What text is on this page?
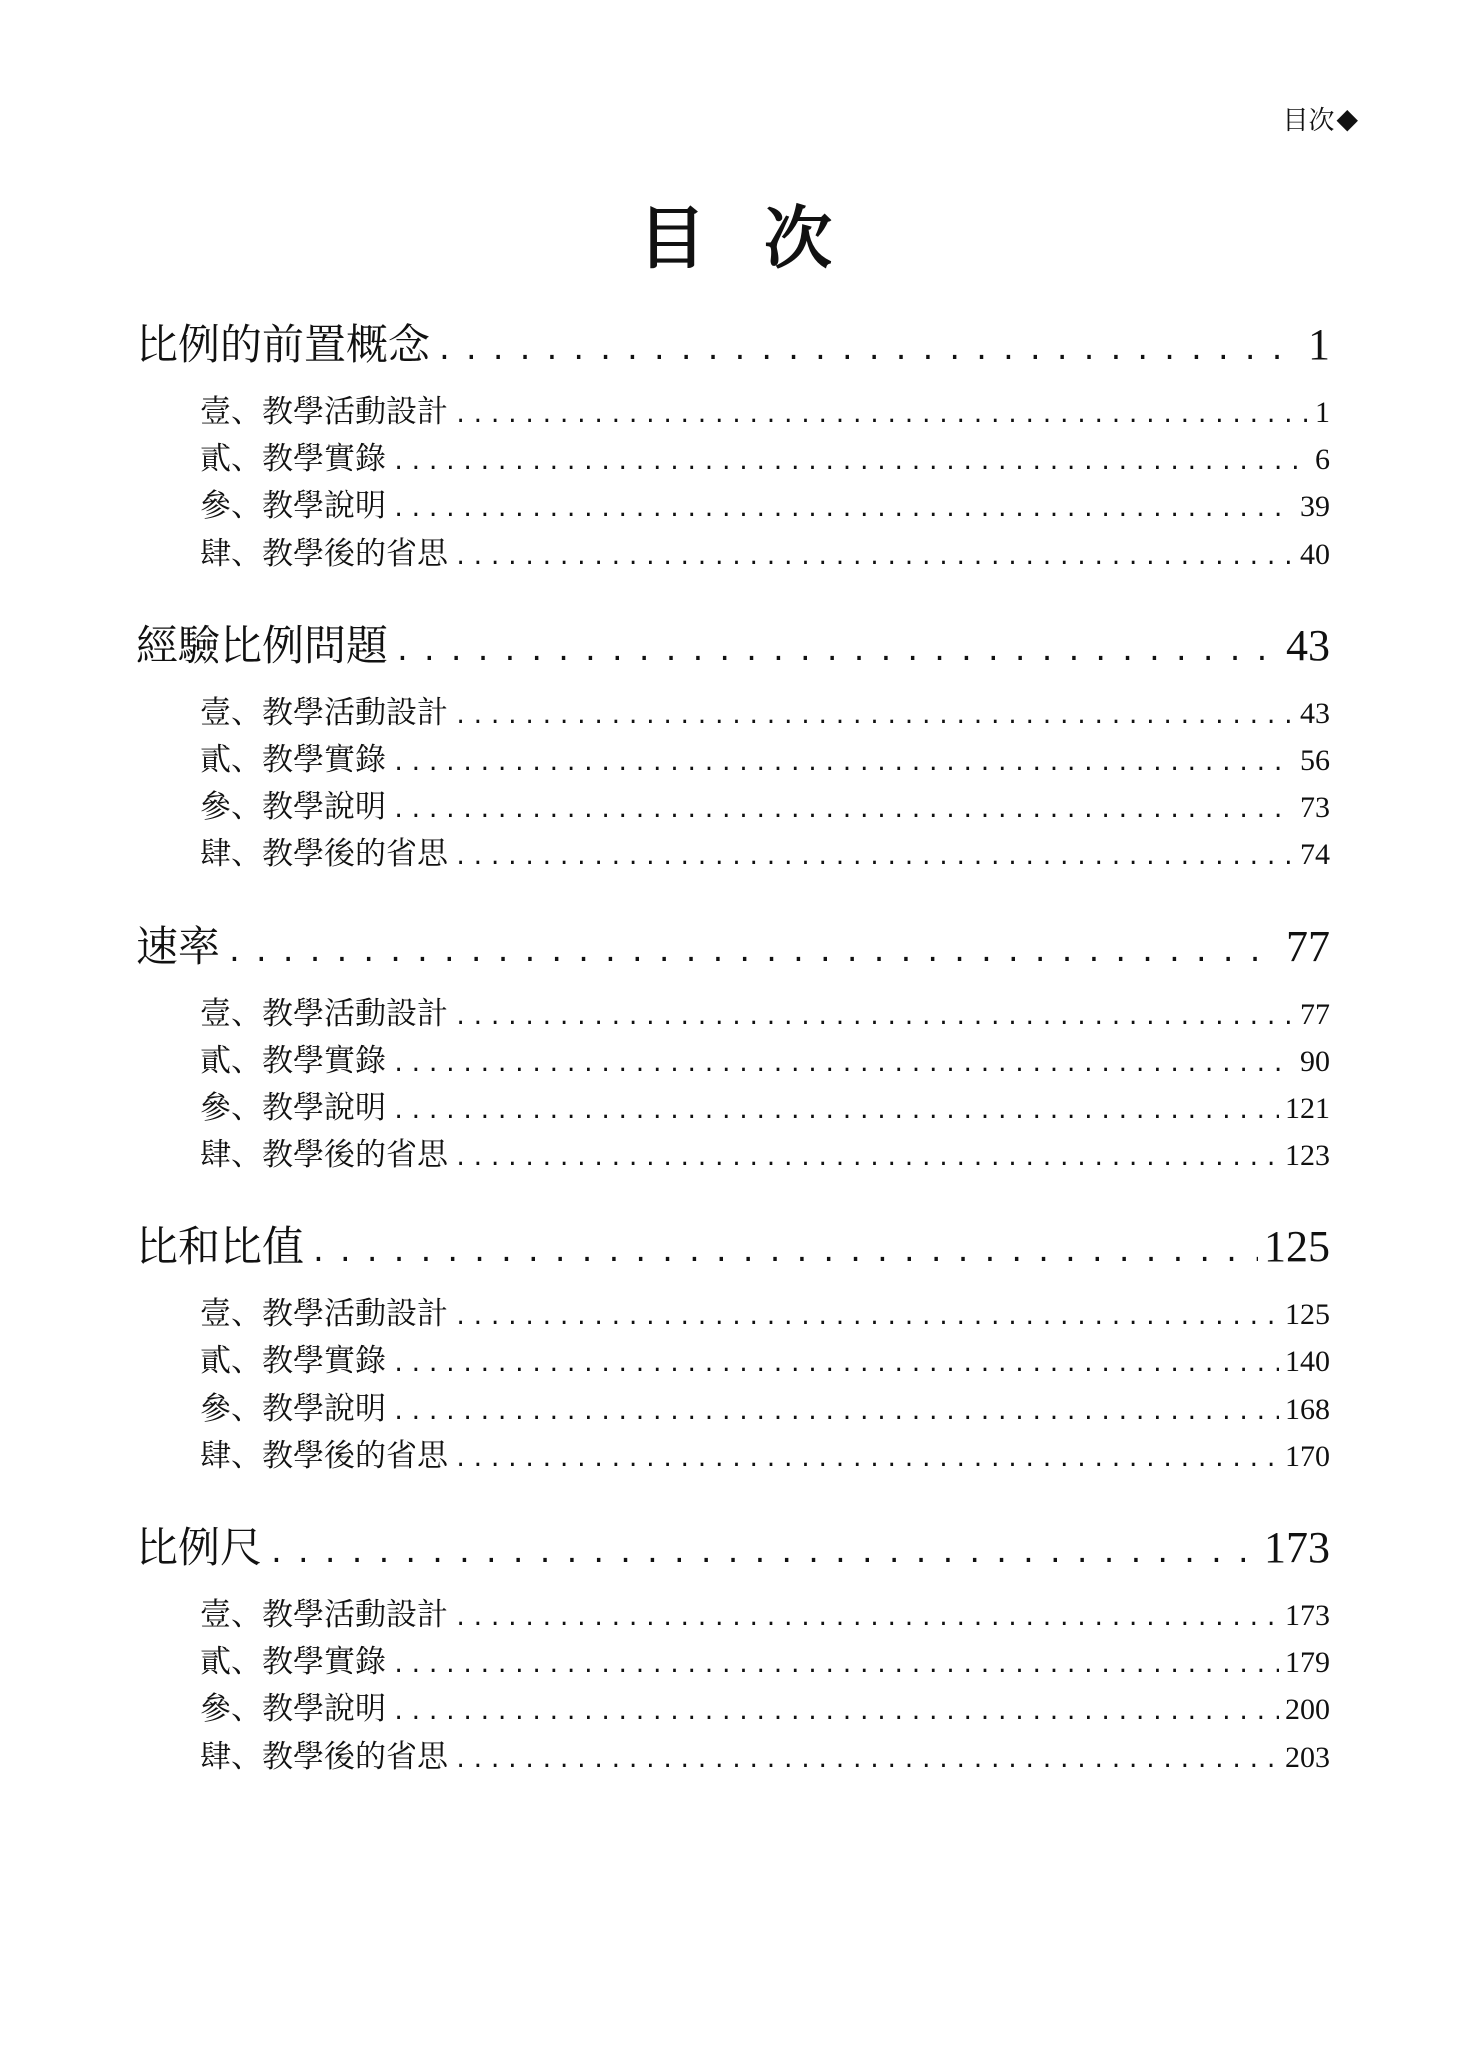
目次 ◆
目 次
比例的前置概念 .....	1
壹、教學活動設計 .....	1
貳、教學實錄 .....	6
參、教學說明 .....	39
肆、教學後的省思 .....	40
經驗比例問題 .....	43
壹、教學活動設計 .....	43
貳、教學實錄 .....	56
參、教學說明 .....	73
肆、教學後的省思 .....	74
速率 .....	77
壹、教學活動設計 .....	77
貳、教學實錄 .....	90
參、教學說明 .....	121
肆、教學後的省思 .....	123
比和比值 .....	125
壹、教學活動設計 .....	125
貳、教學實錄 .....	140
參、教學說明 .....	168
肆、教學後的省思 .....	170
比例尺 .....	173
壹、教學活動設計 .....	173
貳、教學實錄 .....	179
參、教學說明 .....	200
肆、教學後的省思 .....	203
